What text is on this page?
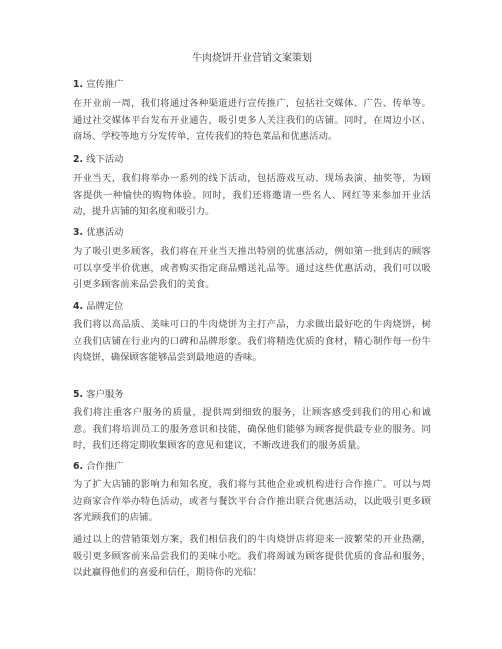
牛肉烧饼开业营销文案策划
1. 宣传推广
在开业前一周，我们将通过各种渠道进行宣传推广，包括社交媒体、广告、传单等。通过社交媒体平台发布开业通告，吸引更多人关注我们的店铺。同时，在周边小区、商场、学校等地方分发传单，宣传我们的特色菜品和优惠活动。
2. 线下活动
开业当天，我们将举办一系列的线下活动，包括游戏互动、现场表演、抽奖等，为顾客提供一种愉快的购物体验。同时，我们还将邀请一些名人、网红等来参加开业活动，提升店铺的知名度和吸引力。
3. 优惠活动
为了吸引更多顾客，我们将在开业当天推出特别的优惠活动，例如第一批到店的顾客可以享受半价优惠，或者购买指定商品赠送礼品等。通过这些优惠活动，我们可以吸引更多顾客前来品尝我们的美食。
4. 品牌定位
我们将以高品质、美味可口的牛肉烧饼为主打产品，力求做出最好吃的牛肉烧饼，树立我们店铺在行业内的口碑和品牌形象。我们将精选优质的食材，精心制作每一份牛肉烧饼，确保顾客能够品尝到最地道的香味。
5. 客户服务
我们将注重客户服务的质量，提供周到细致的服务，让顾客感受到我们的用心和诚意。我们将培训员工的服务意识和技能，确保他们能够为顾客提供最专业的服务。同时，我们还将定期收集顾客的意见和建议，不断改进我们的服务质量。
6. 合作推广
为了扩大店铺的影响力和知名度，我们将与其他企业或机构进行合作推广。可以与周边商家合作举办特色活动，或者与餐饮平台合作推出联合优惠活动，以此吸引更多顾客光顾我们的店铺。
通过以上的营销策划方案，我们相信我们的牛肉烧饼店将迎来一波繁荣的开业热潮，吸引更多顾客前来品尝我们的美味小吃。我们将竭诚为顾客提供优质的食品和服务，以此赢得他们的喜爱和信任，期待你的光临！
